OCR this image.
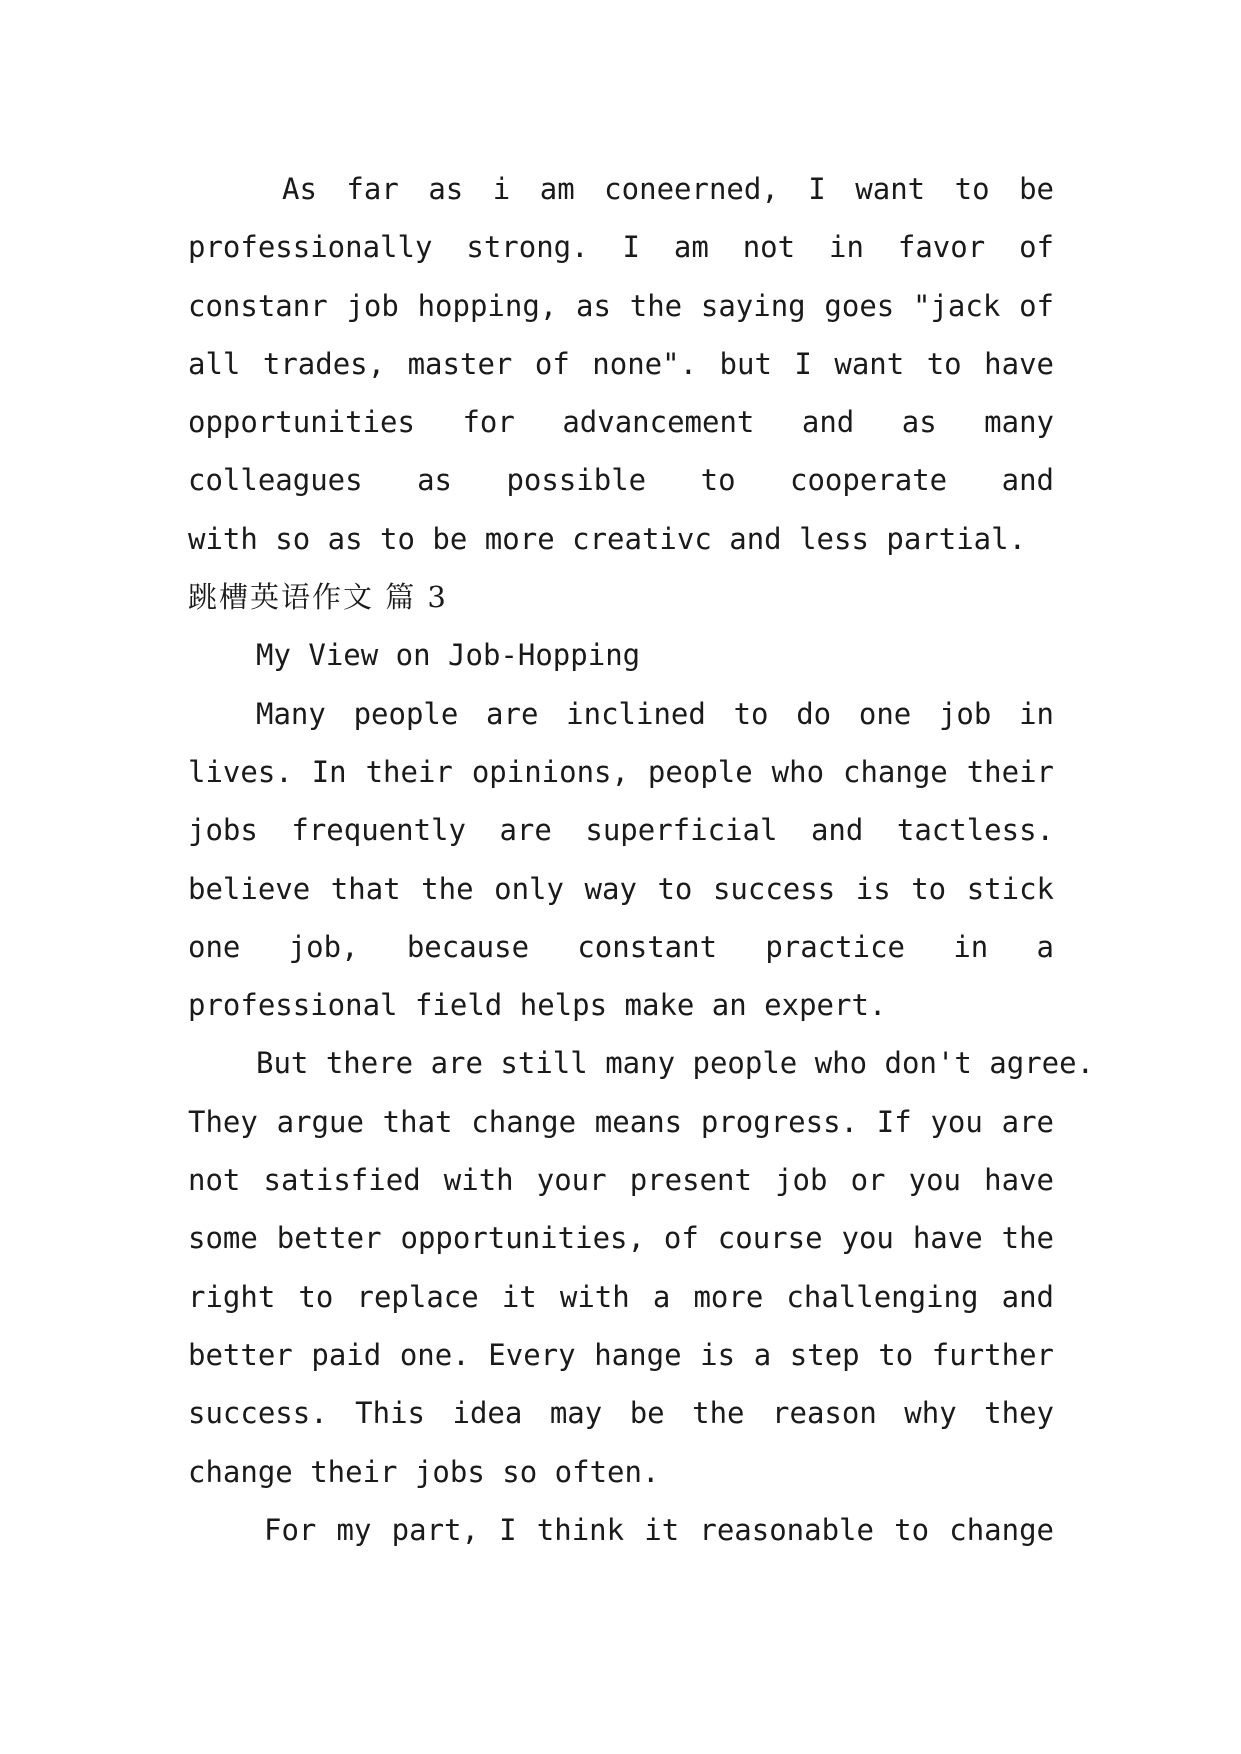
As far as i am coneerned, I want to be
professionally strong. I am not in favor of
constanr job hopping, as the saying goes "jack of
all trades, master of none". but I want to have
opportunities for advancement and as many
colleagues as possible to cooperate and
with so as to be more creativc and less partial.
跳槽英语作文 篇 3
My View on Job-Hopping
Many people are inclined to do one job in
lives. In their opinions, people who change their
jobs frequently are superficial and tactless.
believe that the only way to success is to stick
one job, because constant practice in a
professional field helps make an expert.
But there are still many people who don't agree.
They argue that change means progress. If you are
not satisfied with your present job or you have
some better opportunities, of course you have the
right to replace it with a more challenging and
better paid one. Every hange is a step to further
success. This idea may be the reason why they
change their jobs so often.
For my part, I think it reasonable to change
